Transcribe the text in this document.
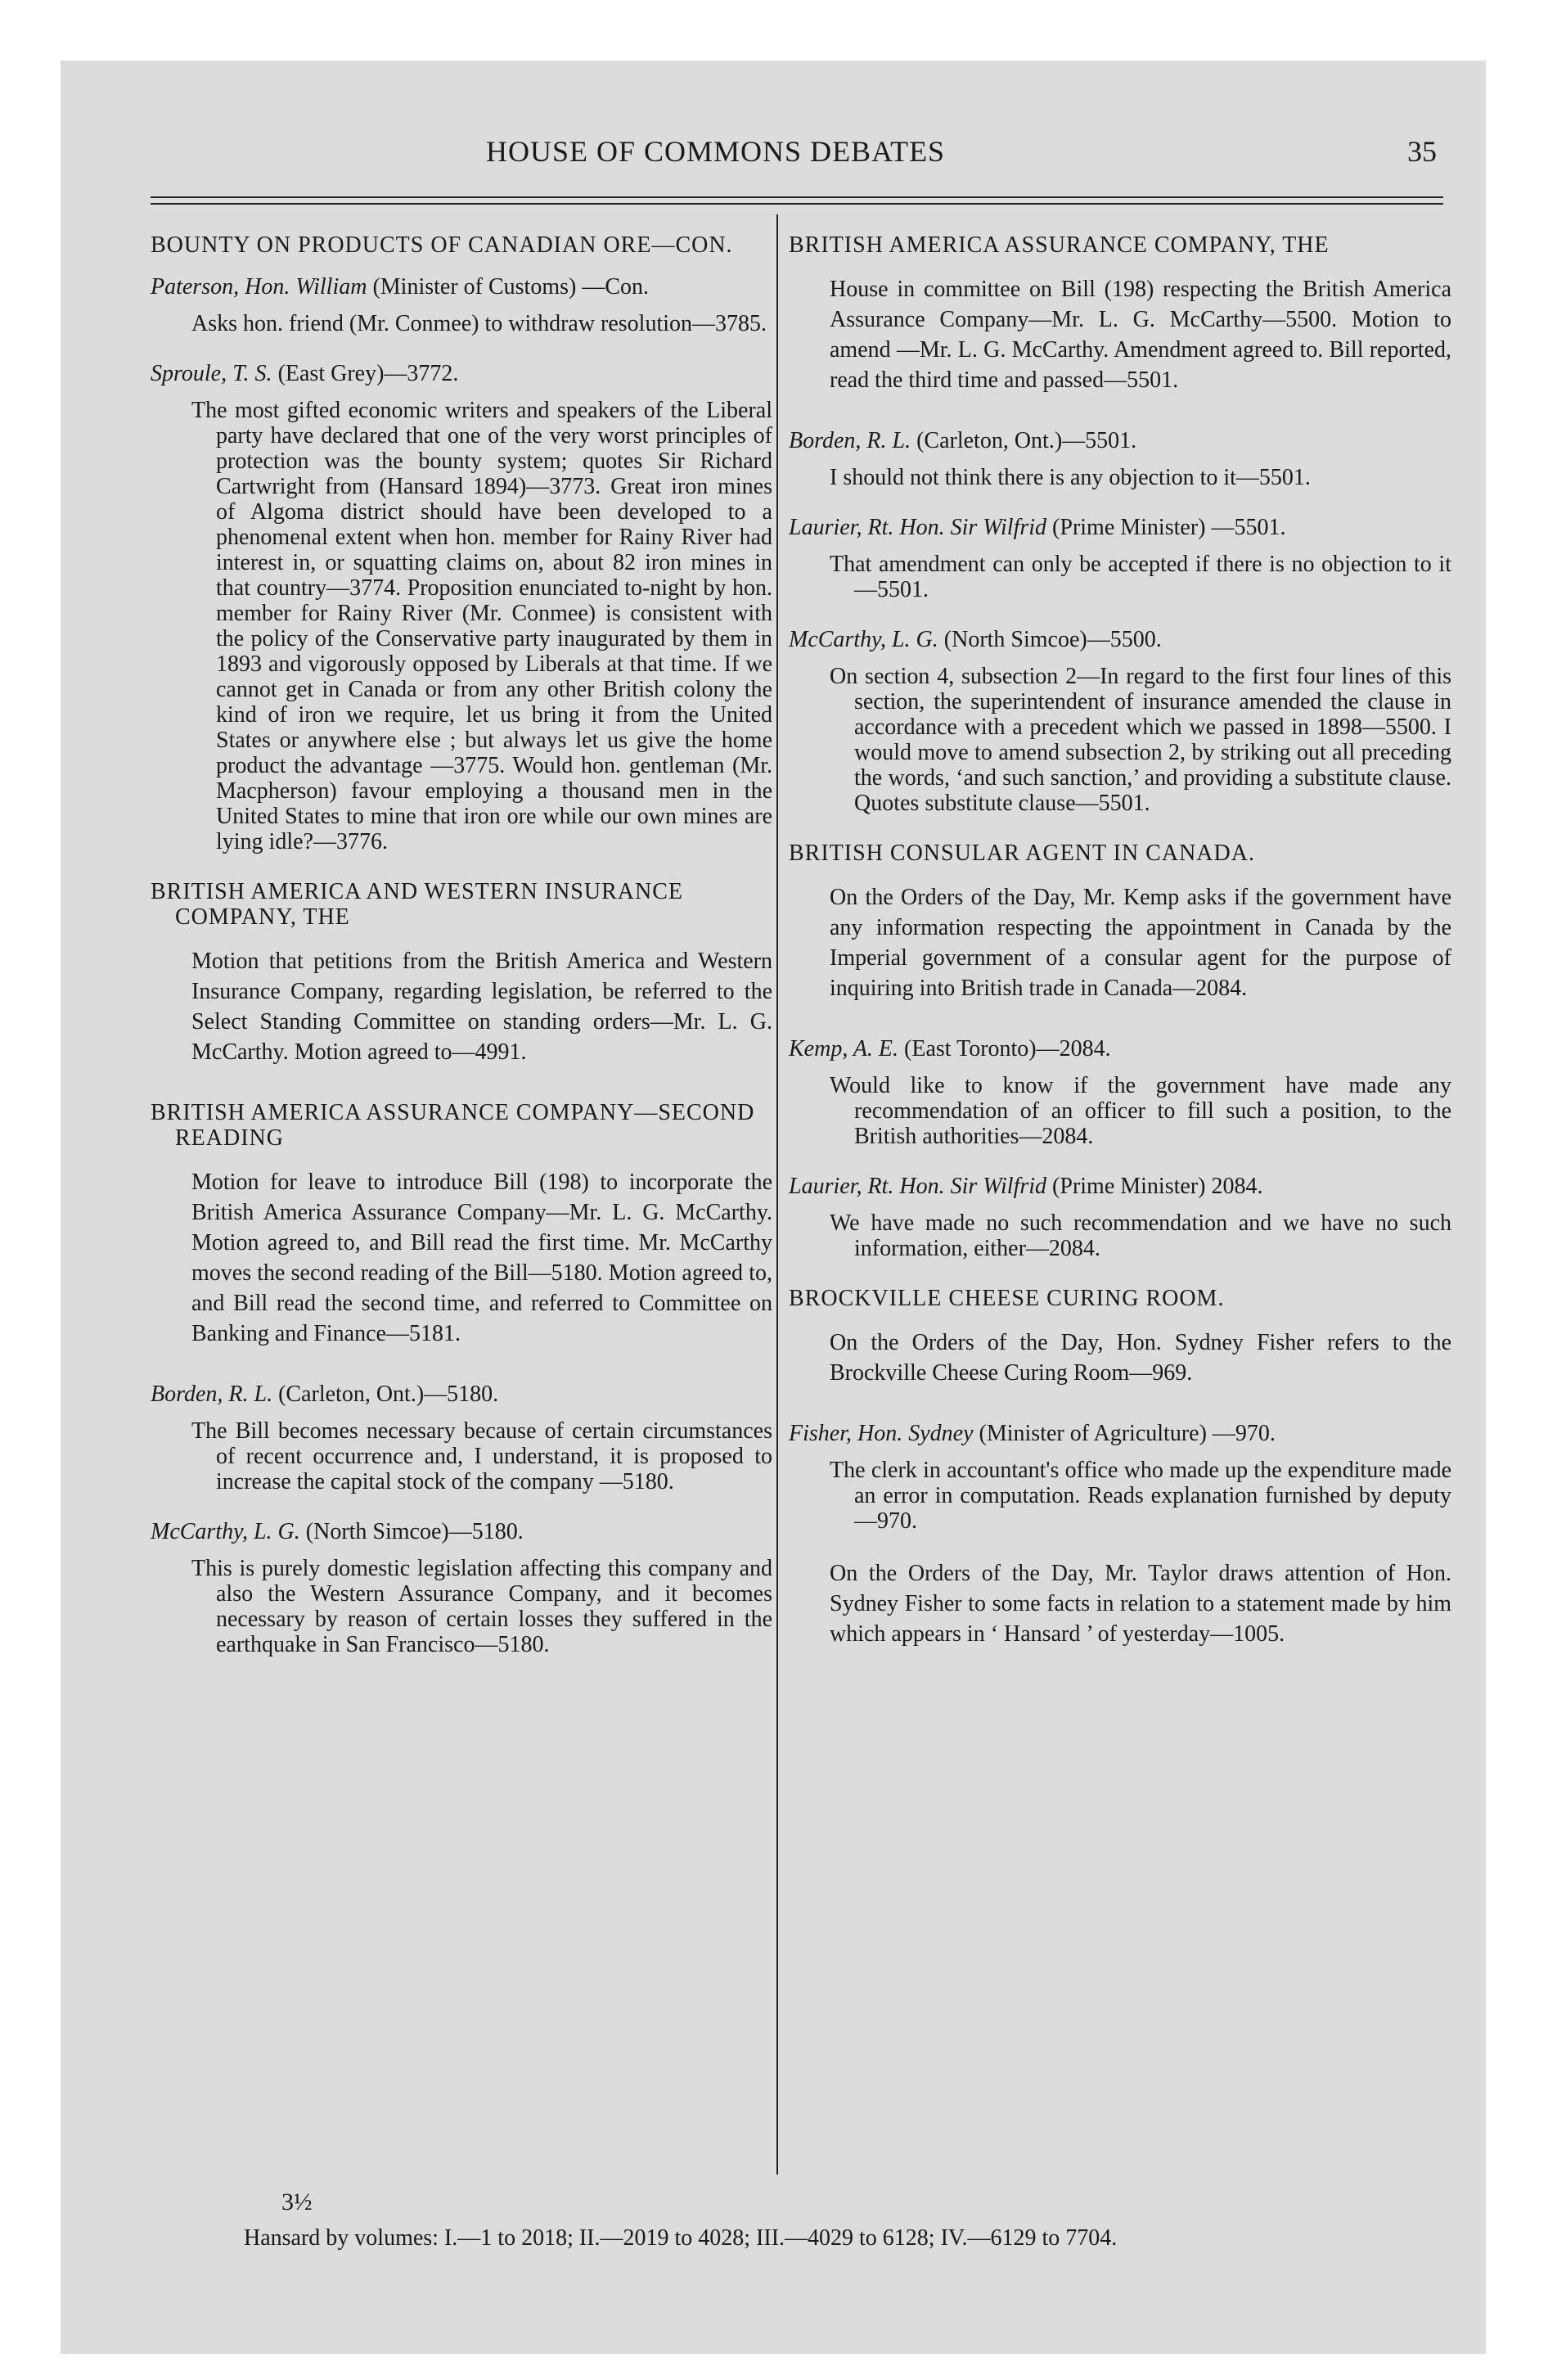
HOUSE OF COMMONS DEBATES	35

BOUNTY ON PRODUCTS OF CANADIAN ORE—CON.

Paterson, Hon. William (Minister of Customs) —Con.

Asks hon. friend (Mr. Conmee) to withdraw resolution—3785.

Sproule, T. S. (East Grey)—3772.

The most gifted economic writers and speakers of the Liberal party have declared that one of the very worst principles of protection was the bounty system; quotes Sir Richard Cartwright from (Hansard 1894)—3773. Great iron mines of Algoma district should have been developed to a phenomenal extent when hon. member for Rainy River had interest in, or squatting claims on, about 82 iron mines in that country—3774. Proposition enunciated to-night by hon. member for Rainy River (Mr. Conmee) is consistent with the policy of the Conservative party inaugurated by them in 1893 and vigorously opposed by Liberals at that time. If we cannot get in Canada or from any other British colony the kind of iron we require, let us bring it from the United States or anywhere else ; but always let us give the home product the advantage —3775. Would hon. gentleman (Mr. Macpherson) favour employing a thousand men in the United States to mine that iron ore while our own mines are lying idle?—3776.

BRITISH AMERICA AND WESTERN INSURANCE COMPANY, THE

Motion that petitions from the British America and Western Insurance Company, regarding legislation, be referred to the Select Standing Committee on standing orders—Mr. L. G. McCarthy. Motion agreed to—4991.

BRITISH AMERICA ASSURANCE COMPANY—SECOND READING

Motion for leave to introduce Bill (198) to incorporate the British America Assurance Company—Mr. L. G. McCarthy. Motion agreed to, and Bill read the first time. Mr. McCarthy moves the second reading of the Bill—5180. Motion agreed to, and Bill read the second time, and referred to Committee on Banking and Finance—5181.

Borden, R. L. (Carleton, Ont.)—5180.

The Bill becomes necessary because of certain circumstances of recent occurrence and, I understand, it is proposed to increase the capital stock of the company —5180.

McCarthy, L. G. (North Simcoe)—5180.

This is purely domestic legislation affecting this company and also the Western Assurance Company, and it becomes necessary by reason of certain losses they suffered in the earthquake in San Francisco—5180.

BRITISH AMERICA ASSURANCE COMPANY, THE

House in committee on Bill (198) respecting the British America Assurance Company—Mr. L. G. McCarthy—5500. Motion to amend —Mr. L. G. McCarthy. Amendment agreed to. Bill reported, read the third time and passed—5501.

Borden, R. L. (Carleton, Ont.)—5501.

I should not think there is any objection to it—5501.

Laurier, Rt. Hon. Sir Wilfrid (Prime Minister) —5501.

That amendment can only be accepted if there is no objection to it—5501.

McCarthy, L. G. (North Simcoe)—5500.

On section 4, subsection 2—In regard to the first four lines of this section, the superintendent of insurance amended the clause in accordance with a precedent which we passed in 1898—5500. I would move to amend subsection 2, by striking out all preceding the words, ‘and such sanction,’ and providing a substitute clause. Quotes substitute clause—5501.

BRITISH CONSULAR AGENT IN CANADA.

On the Orders of the Day, Mr. Kemp asks if the government have any information respecting the appointment in Canada by the Imperial government of a consular agent for the purpose of inquiring into British trade in Canada—2084.

Kemp, A. E. (East Toronto)—2084.

Would like to know if the government have made any recommendation of an officer to fill such a position, to the British authorities—2084.

Laurier, Rt. Hon. Sir Wilfrid (Prime Minister) 2084.

We have made no such recommendation and we have no such information, either—2084.

BROCKVILLE CHEESE CURING ROOM.

On the Orders of the Day, Hon. Sydney Fisher refers to the Brockville Cheese Curing Room—969.

Fisher, Hon. Sydney (Minister of Agriculture) —970.

The clerk in accountant's office who made up the expenditure made an error in computation. Reads explanation furnished by deputy—970.

On the Orders of the Day, Mr. Taylor draws attention of Hon. Sydney Fisher to some facts in relation to a statement made by him which appears in ‘ Hansard ’ of yesterday—1005.

3½
Hansard by volumes: I.—1 to 2018; II.—2019 to 4028; III.—4029 to 6128; IV.—6129 to 7704.
